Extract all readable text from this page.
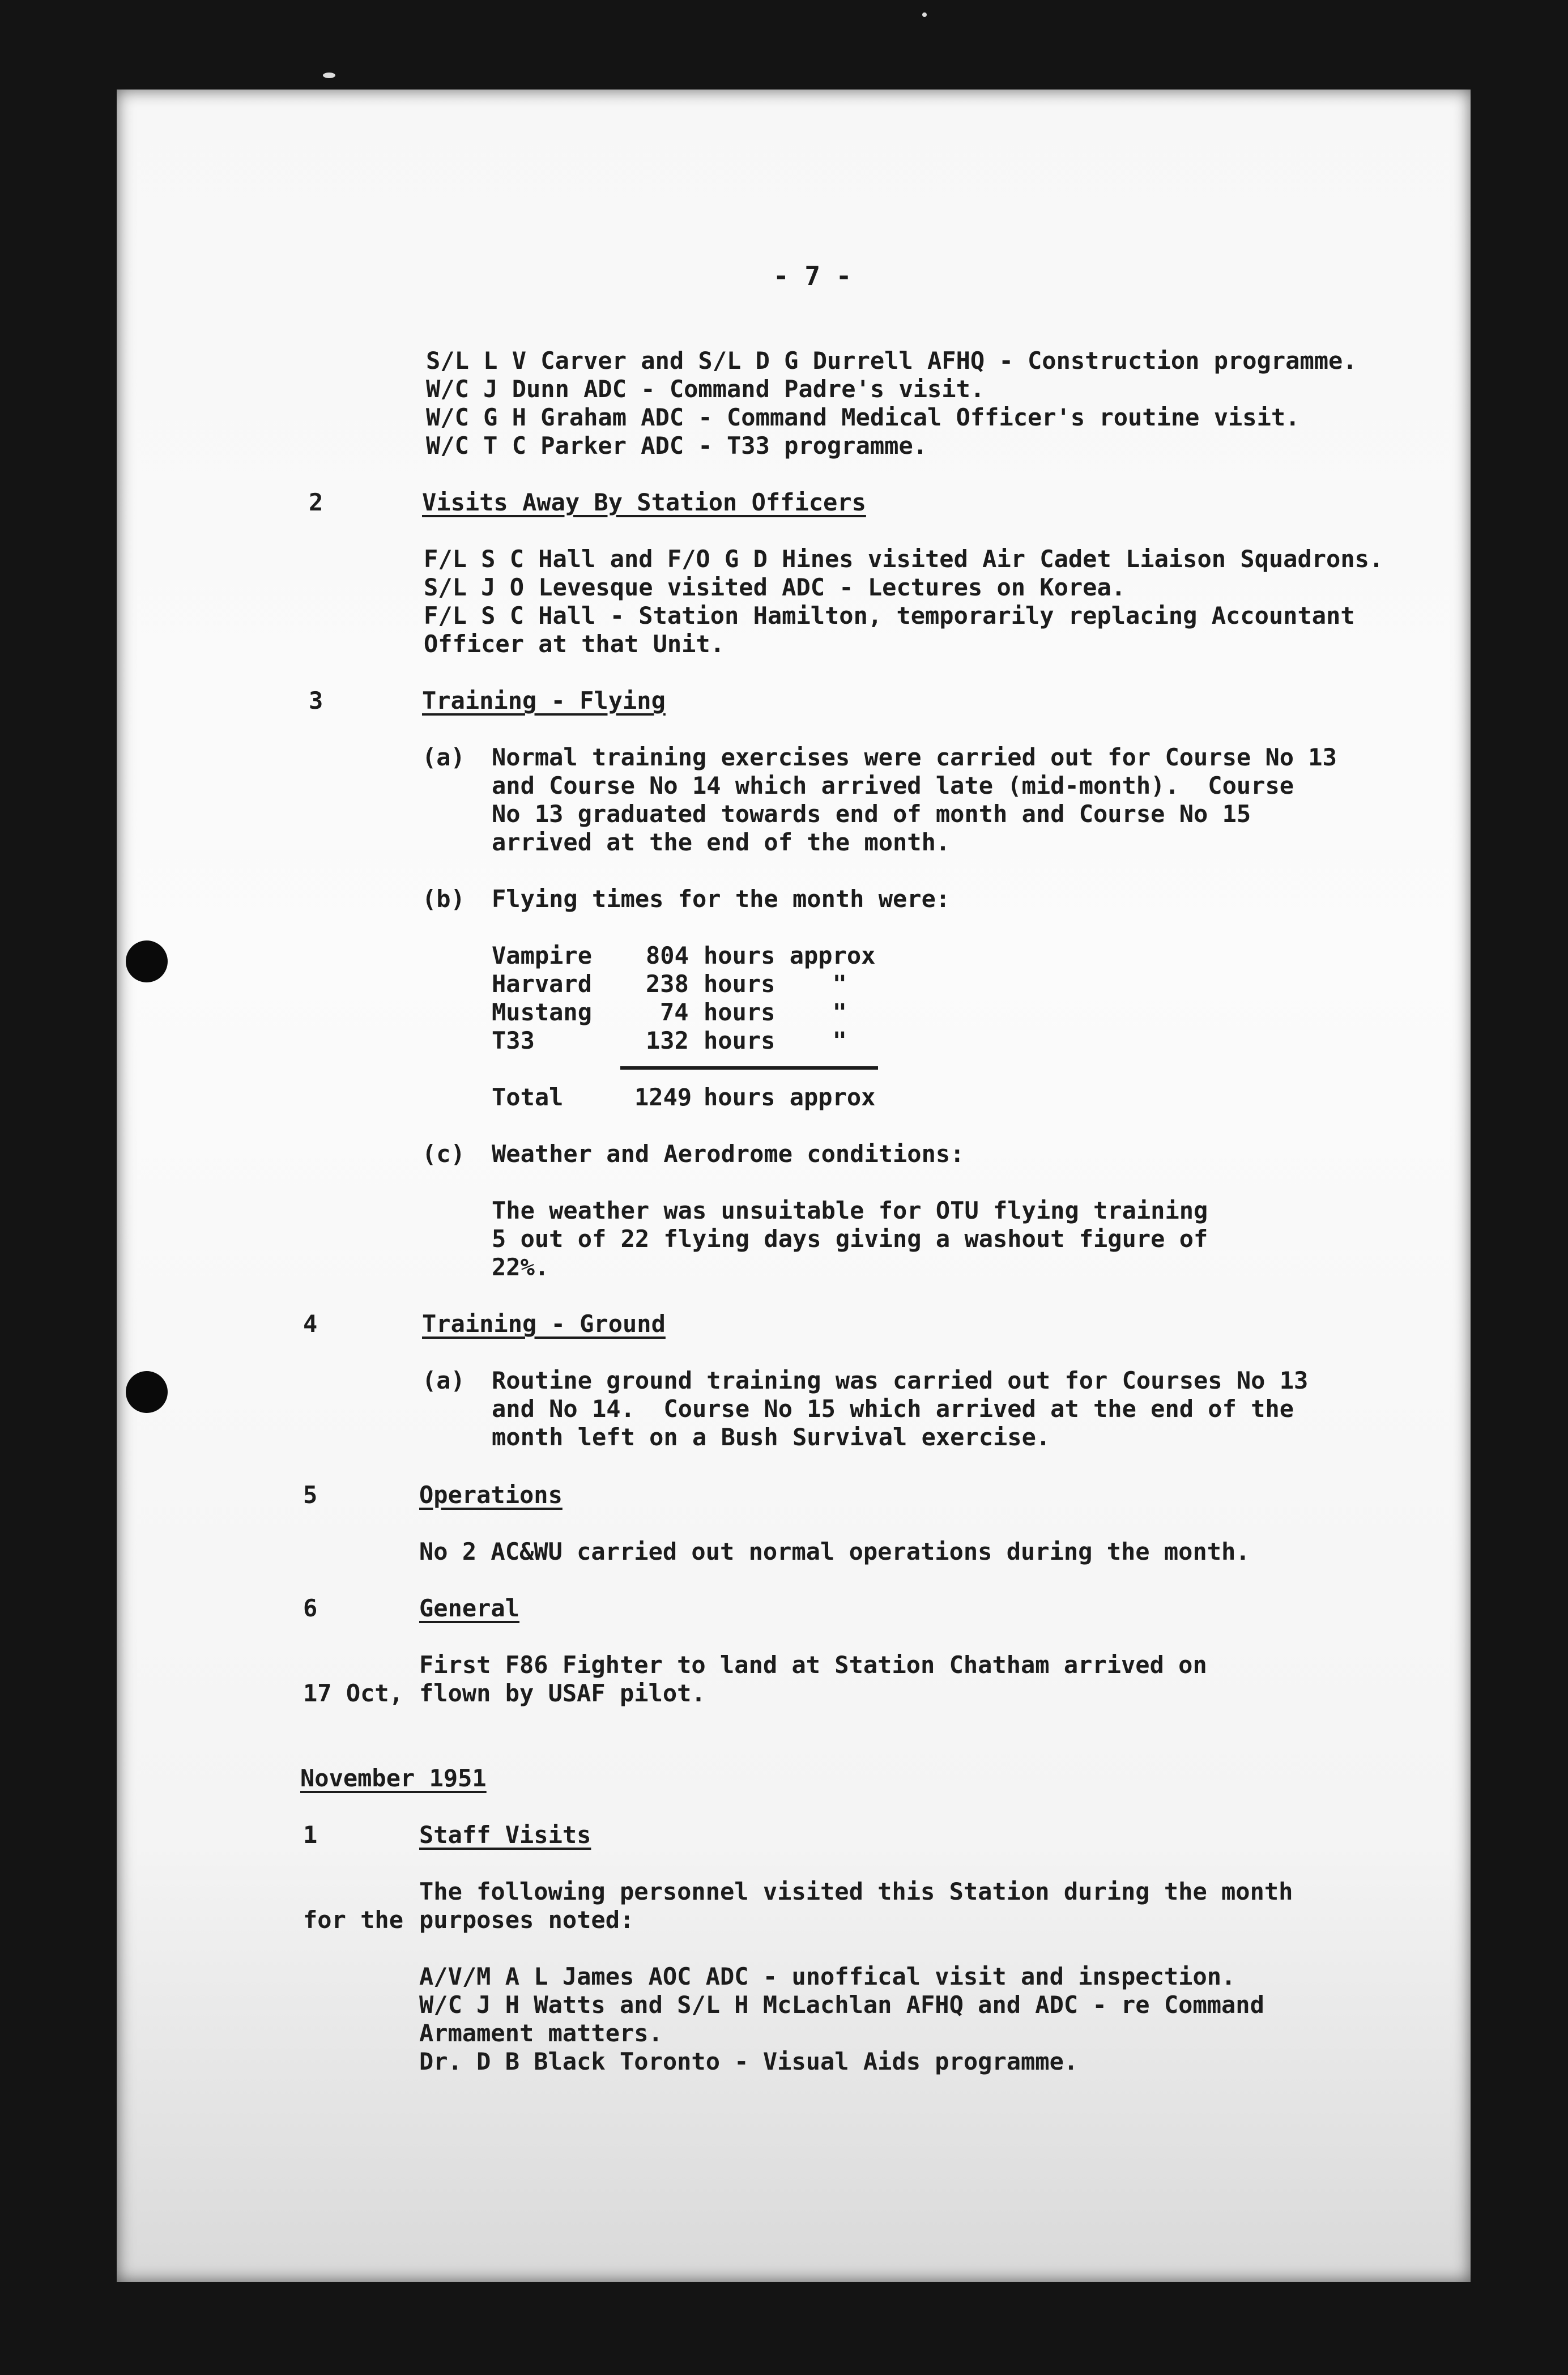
- 7 -
S/L L V Carver and S/L D G Durrell AFHQ - Construction programme.
W/C J Dunn ADC - Command Padre's visit.
W/C G H Graham ADC - Command Medical Officer's routine visit.
W/C T C Parker ADC - T33 programme.
2	Visits Away By Station Officers
F/L S C Hall and F/O G D Hines visited Air Cadet Liaison Squadrons.
S/L J O Levesque visited ADC - Lectures on Korea.
F/L S C Hall - Station Hamilton, temporarily replacing Accountant
Officer at that Unit.
3	Training - Flying
(a) Normal training exercises were carried out for Course No 13
and Course No 14 which arrived late (mid-month).  Course
No 13 graduated towards end of month and Course No 15
arrived at the end of the month.
(b) Flying times for the month were:
Vampire 804 hours approx
Harvard 238 hours    "
Mustang	74 hours    "
T33	132 hours    "
Total	1249 hours approx
(c) Weather and Aerodrome conditions:
The weather was unsuitable for OTU flying training
5 out of 22 flying days giving a washout figure of
22%.
4	Training - Ground
(a) Routine ground training was carried out for Courses No 13
and No 14.  Course No 15 which arrived at the end of the
month left on a Bush Survival exercise.
5	Operations
No 2 AC&WU carried out normal operations during the month.
6	General
First F86 Fighter to land at Station Chatham arrived on
17 Oct, flown by USAF pilot.
November 1951
1	Staff Visits
The following personnel visited this Station during the month
for the purposes noted:
A/V/M A L James AOC ADC - unoffical visit and inspection.
W/C J H Watts and S/L H McLachlan AFHQ and ADC - re Command
Armament matters.
Dr. D B Black Toronto - Visual Aids programme.
